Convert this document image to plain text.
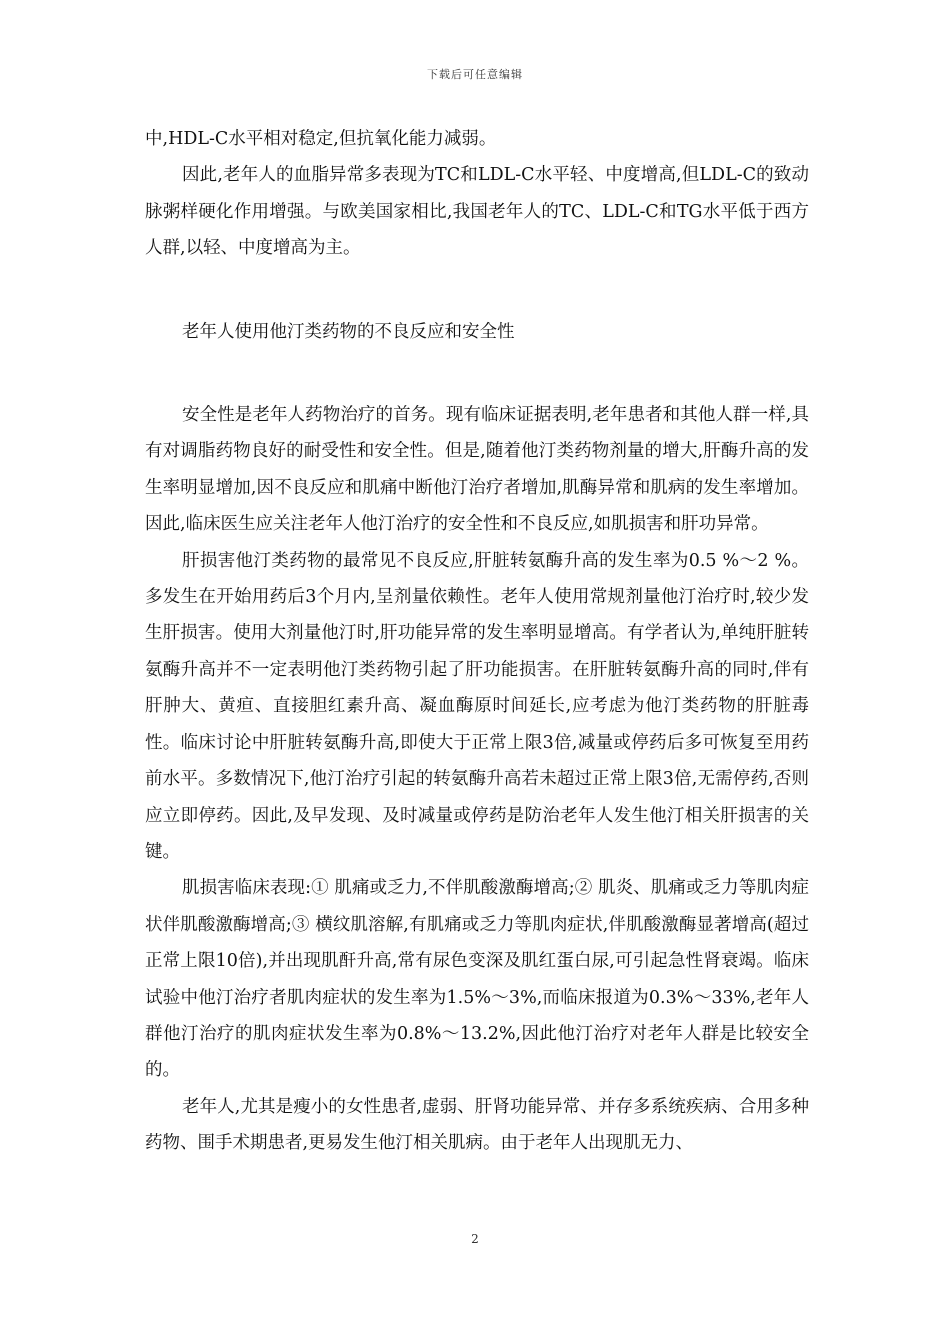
下载后可任意编辑

中,HDL-C水平相对稳定,但抗氧化能力减弱。

因此,老年人的血脂异常多表现为TC和LDL-C水平轻、中度增高,但LDL-C的致动脉粥样硬化作用增强。与欧美国家相比,我国老年人的TC、LDL-C和TG水平低于西方人群,以轻、中度增高为主。

老年人使用他汀类药物的不良反应和安全性

安全性是老年人药物治疗的首务。现有临床证据表明,老年患者和其他人群一样,具有对调脂药物良好的耐受性和安全性。但是,随着他汀类药物剂量的增大,肝酶升高的发生率明显增加,因不良反应和肌痛中断他汀治疗者增加,肌酶异常和肌病的发生率增加。因此,临床医生应关注老年人他汀治疗的安全性和不良反应,如肌损害和肝功异常。

肝损害他汀类药物的最常见不良反应,肝脏转氨酶升高的发生率为0.5 %～2 %。多发生在开始用药后3个月内,呈剂量依赖性。老年人使用常规剂量他汀治疗时,较少发生肝损害。使用大剂量他汀时,肝功能异常的发生率明显增高。有学者认为,单纯肝脏转氨酶升高并不一定表明他汀类药物引起了肝功能损害。在肝脏转氨酶升高的同时,伴有肝肿大、黄疸、直接胆红素升高、凝血酶原时间延长,应考虑为他汀类药物的肝脏毒性。临床讨论中肝脏转氨酶升高,即使大于正常上限3倍,减量或停药后多可恢复至用药前水平。多数情况下,他汀治疗引起的转氨酶升高若未超过正常上限3倍,无需停药,否则应立即停药。因此,及早发现、及时减量或停药是防治老年人发生他汀相关肝损害的关键。

肌损害临床表现:① 肌痛或乏力,不伴肌酸激酶增高;② 肌炎、肌痛或乏力等肌肉症状伴肌酸激酶增高;③ 横纹肌溶解,有肌痛或乏力等肌肉症状,伴肌酸激酶显著增高(超过正常上限10倍),并出现肌酐升高,常有尿色变深及肌红蛋白尿,可引起急性肾衰竭。临床试验中他汀治疗者肌肉症状的发生率为1.5%～3%,而临床报道为0.3%～33%,老年人群他汀治疗的肌肉症状发生率为0.8%～13.2%,因此他汀治疗对老年人群是比较安全的。

老年人,尤其是瘦小的女性患者,虚弱、肝肾功能异常、并存多系统疾病、合用多种药物、围手术期患者,更易发生他汀相关肌病。由于老年人出现肌无力、

2
